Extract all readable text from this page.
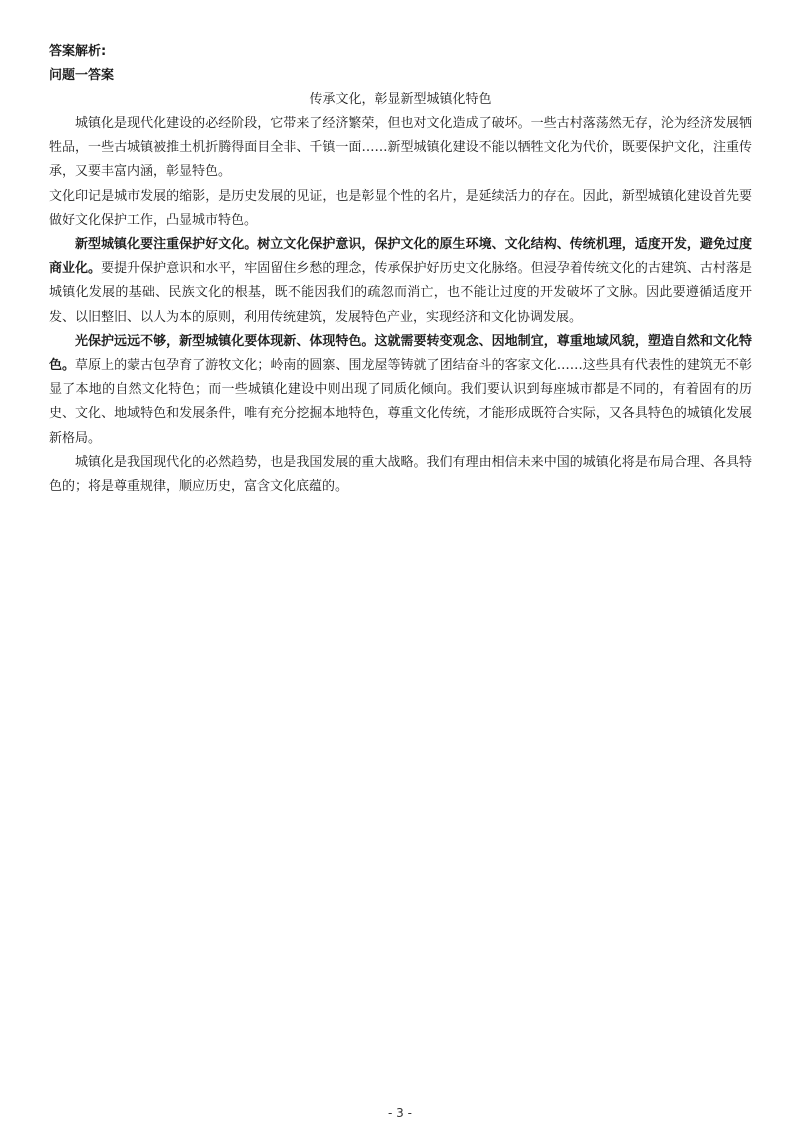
答案解析:

问题一答案

传承文化，彰显新型城镇化特色

城镇化是现代化建设的必经阶段，它带来了经济繁荣，但也对文化造成了破坏。一些古村落荡然无存，沦为经济发展牺牲品，一些古城镇被推土机折腾得面目全非、千镇一面……新型城镇化建设不能以牺牲文化为代价，既要保护文化，注重传承，又要丰富内涵，彰显特色。

文化印记是城市发展的缩影，是历史发展的见证，也是彰显个性的名片，是延续活力的存在。因此，新型城镇化建设首先要做好文化保护工作，凸显城市特色。

新型城镇化要注重保护好文化。树立文化保护意识，保护文化的原生环境、文化结构、传统机理，适度开发，避免过度商业化。要提升保护意识和水平，牢固留住乡愁的理念，传承保护好历史文化脉络。但浸孕着传统文化的古建筑、古村落是城镇化发展的基础、民族文化的根基，既不能因我们的疏忽而消亡，也不能让过度的开发破坏了文脉。因此要遵循适度开发、以旧整旧、以人为本的原则，利用传统建筑，发展特色产业，实现经济和文化协调发展。

光保护远远不够，新型城镇化要体现新、体现特色。这就需要转变观念、因地制宜，尊重地域风貌，塑造自然和文化特色。草原上的蒙古包孕育了游牧文化；岭南的圆寨、围龙屋等铸就了团结奋斗的客家文化……这些具有代表性的建筑无不彰显了本地的自然文化特色；而一些城镇化建设中则出现了同质化倾向。我们要认识到每座城市都是不同的，有着固有的历史、文化、地域特色和发展条件，唯有充分挖掘本地特色，尊重文化传统，才能形成既符合实际，又各具特色的城镇化发展新格局。

城镇化是我国现代化的必然趋势，也是我国发展的重大战略。我们有理由相信未来中国的城镇化将是布局合理、各具特色的；将是尊重规律，顺应历史，富含文化底蕴的。

- 3 -
